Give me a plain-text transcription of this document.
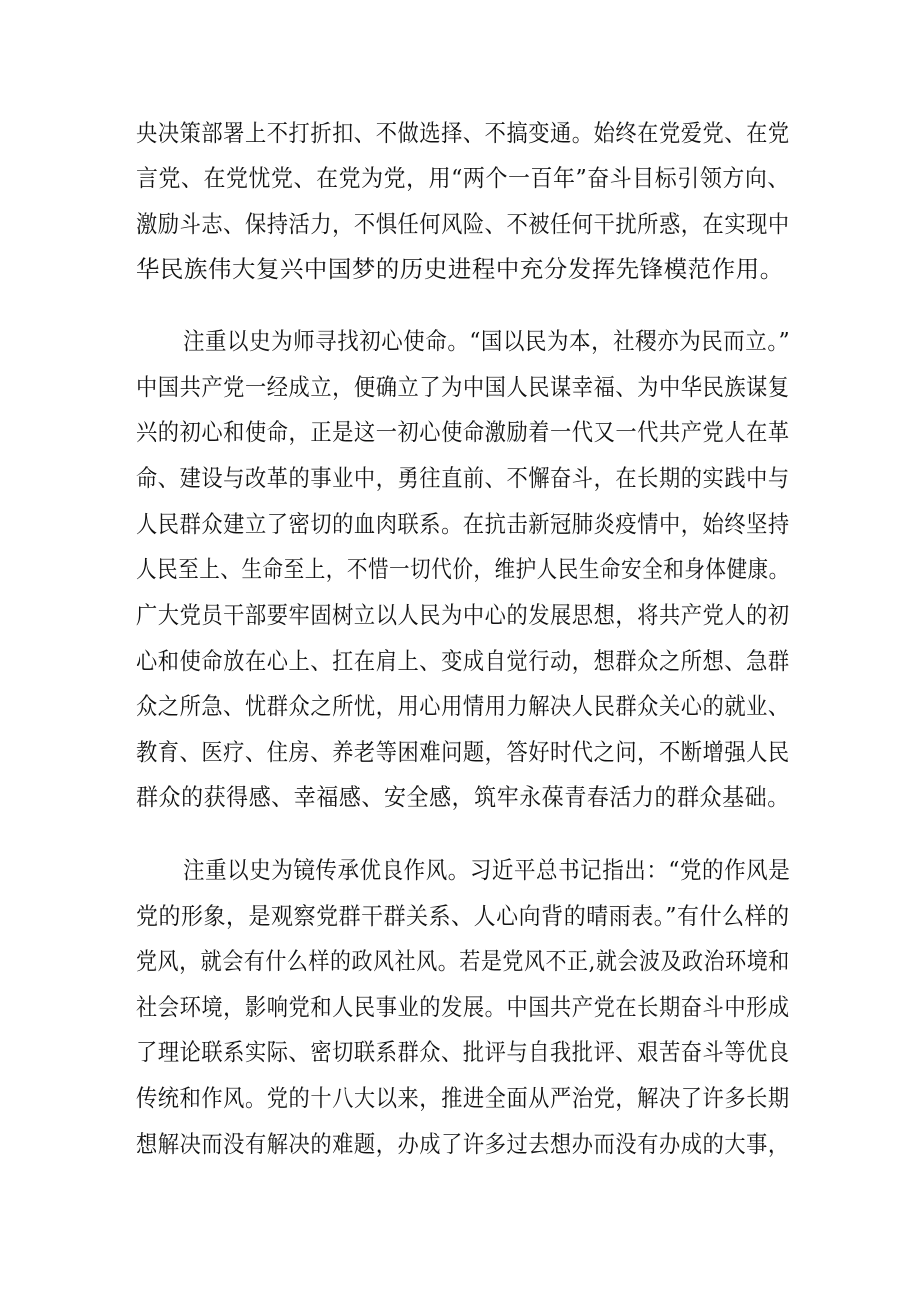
央决策部署上不打折扣、不做选择、不搞变通。始终在党爱党、在党
言党、在党忧党、在党为党，用“两个一百年”奋斗目标引领方向、
激励斗志、保持活力，不惧任何风险、不被任何干扰所惑，在实现中
华民族伟大复兴中国梦的历史进程中充分发挥先锋模范作用。
注重以史为师寻找初心使命。“国以民为本，社稷亦为民而立。”
中国共产党一经成立，便确立了为中国人民谋幸福、为中华民族谋复
兴的初心和使命，正是这一初心使命激励着一代又一代共产党人在革
命、建设与改革的事业中，勇往直前、不懈奋斗，在长期的实践中与
人民群众建立了密切的血肉联系。在抗击新冠肺炎疫情中，始终坚持
人民至上、生命至上，不惜一切代价，维护人民生命安全和身体健康。
广大党员干部要牢固树立以人民为中心的发展思想，将共产党人的初
心和使命放在心上、扛在肩上、变成自觉行动，想群众之所想、急群
众之所急、忧群众之所忧，用心用情用力解决人民群众关心的就业、
教育、医疗、住房、养老等困难问题，答好时代之问，不断增强人民
群众的获得感、幸福感、安全感，筑牢永葆青春活力的群众基础。
注重以史为镜传承优良作风。习近平总书记指出：“党的作风是
党的形象，是观察党群干群关系、人心向背的晴雨表。”有什么样的
党风，就会有什么样的政风社风。若是党风不正,就会波及政治环境和
社会环境，影响党和人民事业的发展。中国共产党在长期奋斗中形成
了理论联系实际、密切联系群众、批评与自我批评、艰苦奋斗等优良
传统和作风。党的十八大以来，推进全面从严治党，解决了许多长期
想解决而没有解决的难题，办成了许多过去想办而没有办成的大事，
